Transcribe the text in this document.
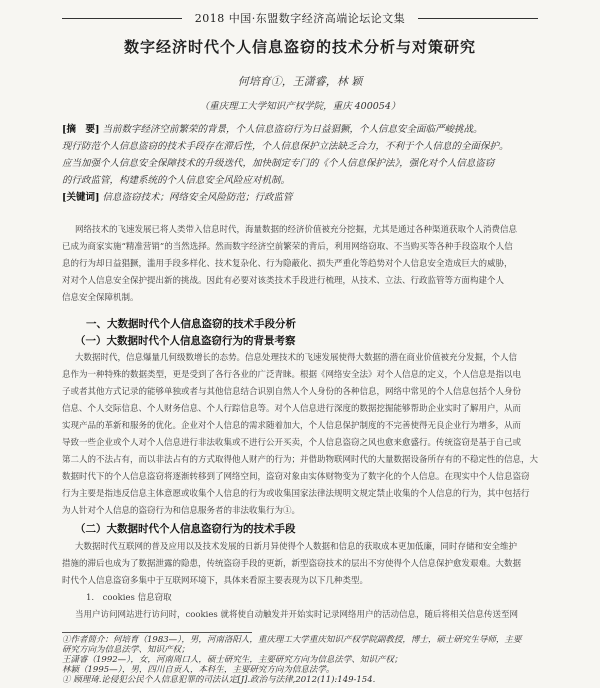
2018 中国·东盟数字经济高端论坛论文集
数字经济时代个人信息盗窃的技术分析与对策研究
何培育①，王潇睿，林 颖
（重庆理工大学知识产权学院，重庆 400054）
[摘　要] 当前数字经济空前繁荣的背景，个人信息盗窃行为日益猖獗，个人信息安全面临严峻挑战。
现行防范个人信息盗窃的技术手段存在滞后性，个人信息保护立法缺乏合力，不利于个人信息的全面保护。
应当加强个人信息安全保障技术的升级迭代，加快制定专门的《个人信息保护法》，强化对个人信息盗窃
的行政监管，构建系统的个人信息安全风险应对机制。
[关键词] 信息盗窃技术；网络安全风险防范；行政监管
网络技术的飞速发展已将人类带入信息时代，海量数据的经济价值被充分挖掘，尤其是通过各种渠道获取个人消费信息
已成为商家实施“精准营销”的当然选择。然而数字经济空前繁荣的背后，利用网络窃取、不当购买等各种手段盗取个人信
息的行为却日益猖獗，滥用手段多样化、技术复杂化、行为隐蔽化、损失严重化等趋势对个人信息安全造成巨大的威胁，
对对个人信息安全保护提出新的挑战。因此有必要对该类技术手段进行梳理，从技术、立法、行政监管等方面构建个人
信息安全保障机制。
一、大数据时代个人信息盗窃的技术手段分析
（一）大数据时代个人信息盗窃行为的背景考察
大数据时代，信息爆量几何级数增长的态势。信息处理技术的飞速发展使得大数据的潜在商业价值被充分发掘，个人信
息作为一种特殊的数据类型，更是受到了各行各业的广泛青睐。根据《网络安全法》对个人信息的定义，个人信息是指以电
子或者其他方式记录的能够单独或者与其他信息结合识别自然人个人身份的各种信息，网络中常见的个人信息包括个人身份
信息、个人交际信息、个人财务信息、个人行踪信息等。对个人信息进行深度的数据挖掘能够帮助企业实时了解用户，从而
实现产品的革新和服务的优化。企业对个人信息的需求随着加大，个人信息保护制度的不完善使得无良企业行为增多，从而
导致一些企业或个人对个人信息进行非法收集或不进行公开买卖，个人信息盗窃之风也愈来愈盛行。传统盗窃是基于自己或
第二人的不法占有，而以非法占有的方式取得他人财产的行为；并借助物联网时代的大量数据设备所存有的不稳定性的信息，大
数据时代下的个人信息盗窃将逐渐转移到了网络空间，盗窃对象由实体财物变为了数字化的个人信息。在现实中个人信息盗窃
行为主要是指违反信息主体意愿或收集个人信息的行为或收集国家法律法规明文规定禁止收集的个人信息的行为，其中包括行
为人针对个人信息的盗窃行为和信息服务者的非法收集行为①。
（二）大数据时代个人信息盗窃行为的技术手段
大数据时代互联网的普及应用以及技术发展的日新月异使得个人数据和信息的获取成本更加低廉，同时存储和安全维护
措施的滞后也成为了数据泄露的隐患，传统盗窃手段的更新，新型盗窃技术的层出不穷使得个人信息保护愈发艰难。大数据
时代个人信息盗窃多集中于互联网环境下，具体来看原主要表现为以下几种类型。
1.　cookies 信息窃取
当用户访问网站进行访问时，cookies 就将使自动触发并开始实时记录网络用户的活动信息，随后将相关信息传送至网
①作者简介：何培育（1983—），男，河南洛阳人，重庆理工大学重庆知识产权学院副教授，博士，硕士研究生导师，主要
研究方向为信息法学、知识产权；
王潇睿（1992—），女，河南周口人，硕士研究生，主要研究方向为信息法学、知识产权；
林颖（1995—），男，四川自贡人，本科生，主要研究方向为信息法学。
① 顾理琦.论侵犯公民个人信息犯罪的司法认定[J].政治与法律,2012(11):149-154.
